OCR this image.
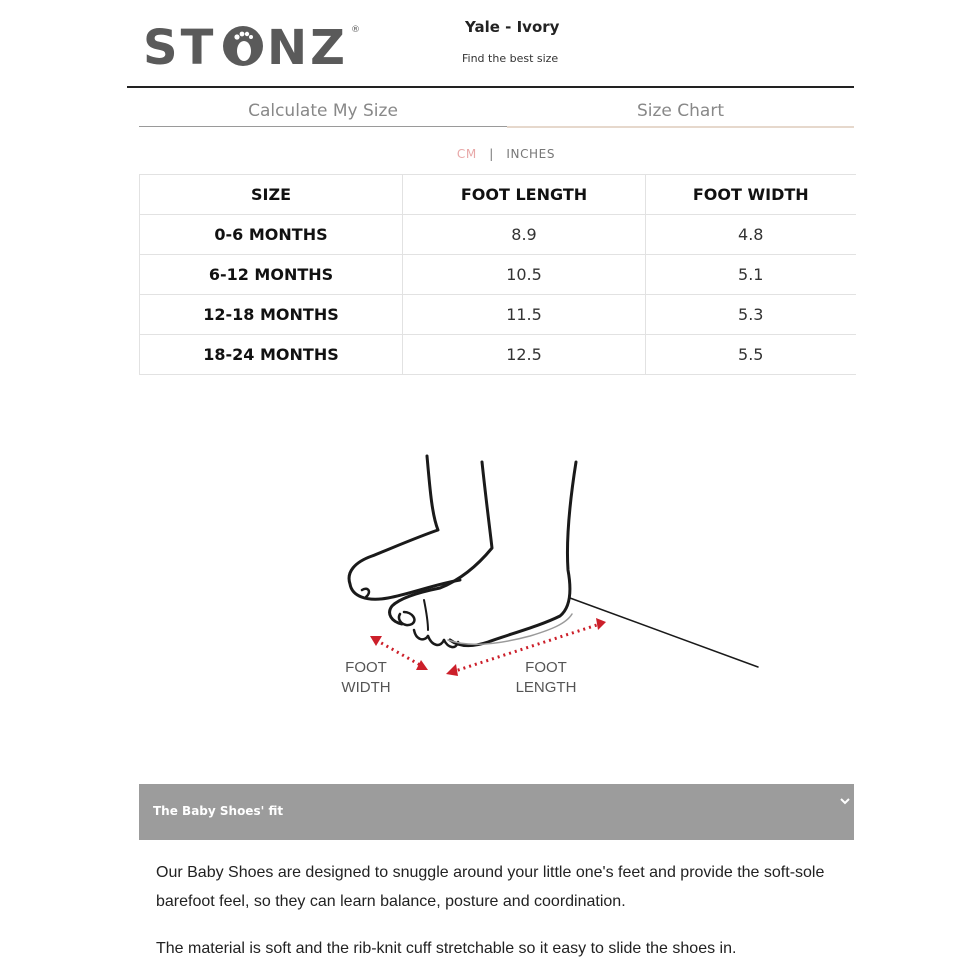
ST NZ ®	Yale - Ivory
Find the best size
Calculate My Size	Size Chart
CM | INCHES
SIZE	FOOT LENGTH	FOOT WIDTH
0-6 MONTHS	8.9	4.8
6-12 MONTHS	10.5	5.1
12-18 MONTHS	11.5	5.3
18-24 MONTHS	12.5	5.5
FOOT
WIDTH
FOOT
LENGTH
The Baby Shoes' fit
Our Baby Shoes are designed to snuggle around your little one's feet and provide the soft-sole barefoot feel, so they can learn balance, posture and coordination.
The material is soft and the rib-knit cuff stretchable so it easy to slide the shoes in.
